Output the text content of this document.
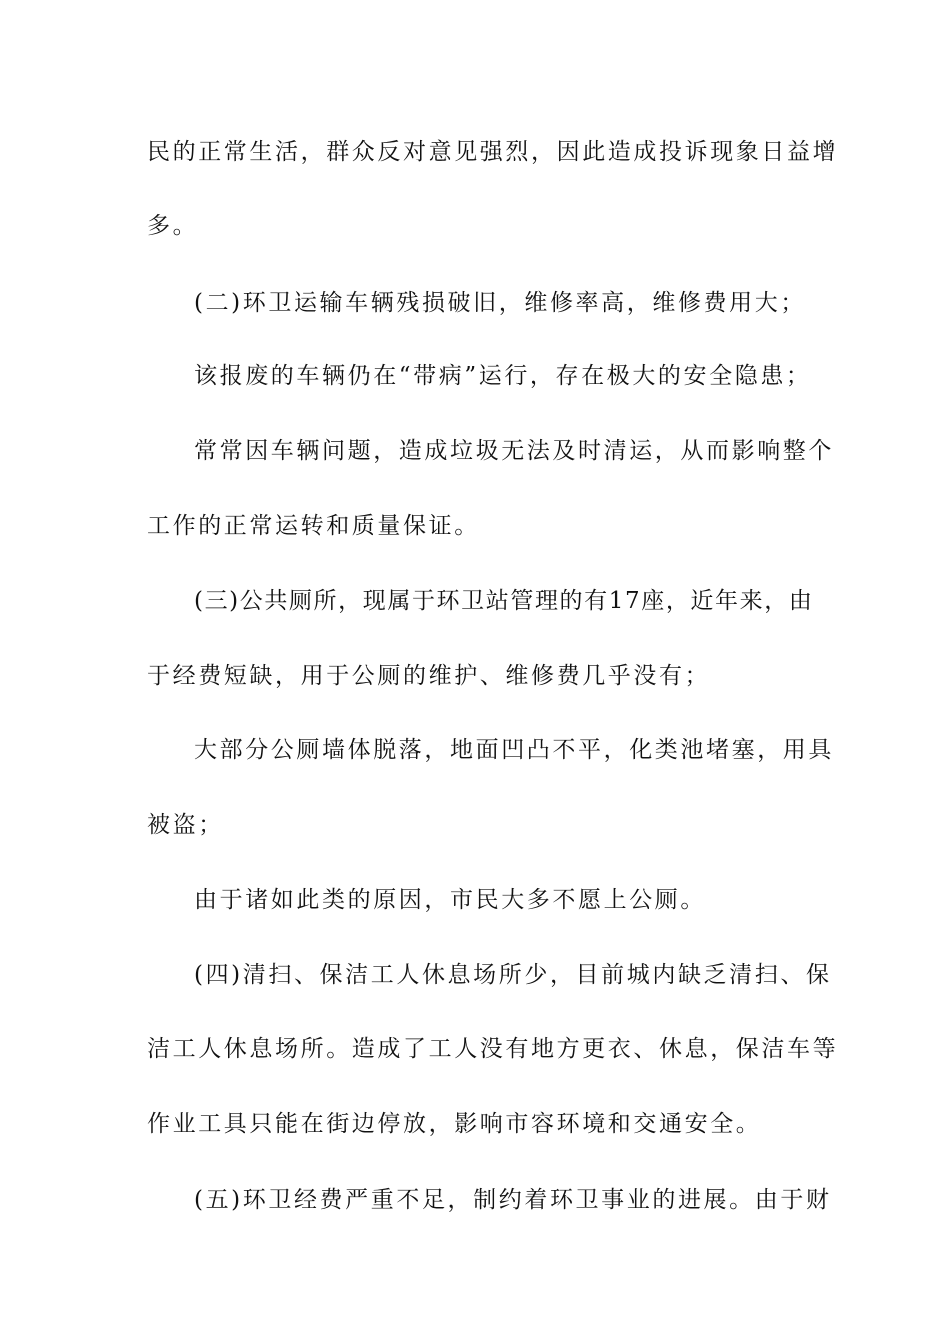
民的正常生活，群众反对意见强烈，因此造成投诉现象日益增
多。
(二)环卫运输车辆残损破旧，维修率高，维修费用大；
该报废的车辆仍在“带病”运行，存在极大的安全隐患；
常常因车辆问题，造成垃圾无法及时清运，从而影响整个
工作的正常运转和质量保证。
(三)公共厕所，现属于环卫站管理的有17座，近年来，由
于经费短缺，用于公厕的维护、维修费几乎没有；
大部分公厕墙体脱落，地面凹凸不平，化类池堵塞，用具
被盗；
由于诸如此类的原因，市民大多不愿上公厕。
(四)清扫、保洁工人休息场所少，目前城内缺乏清扫、保
洁工人休息场所。造成了工人没有地方更衣、休息，保洁车等
作业工具只能在街边停放，影响市容环境和交通安全。
(五)环卫经费严重不足，制约着环卫事业的进展。由于财
